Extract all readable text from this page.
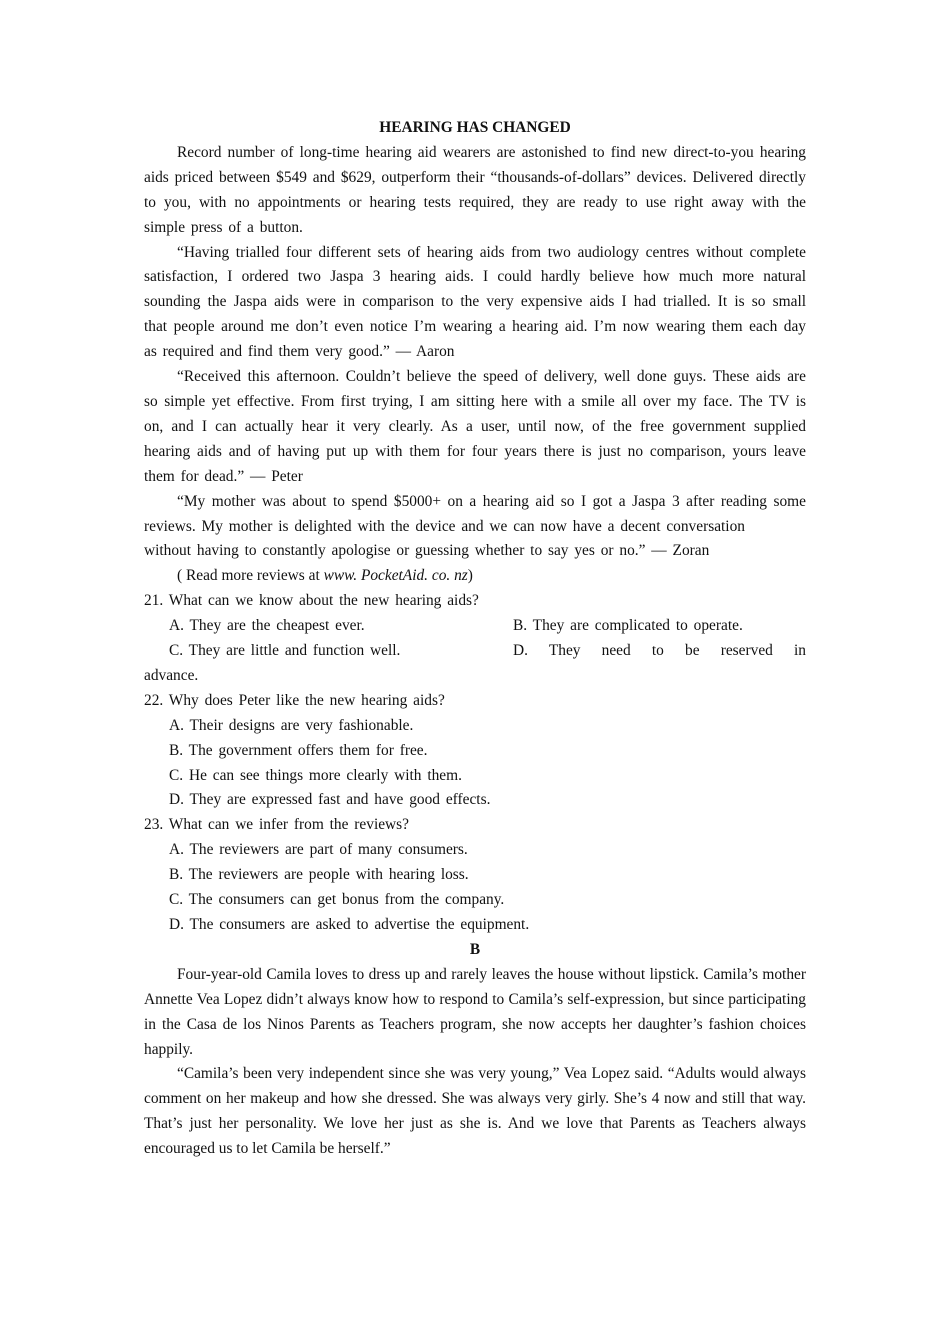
HEARING HAS CHANGED

Record number of long-time hearing aid wearers are astonished to find new direct-to-you hearing aids priced between $549 and $629, outperform their “thousands-of-dollars” devices. Delivered directly to you, with no appointments or hearing tests required, they are ready to use right away with the simple press of a button.

“Having trialled four different sets of hearing aids from two audiology centres without complete satisfaction, I ordered two Jaspa 3 hearing aids. I could hardly believe how much more natural sounding the Jaspa aids were in comparison to the very expensive aids I had trialled. It is so small that people around me don’t even notice I’m wearing a hearing aid. I’m now wearing them each day as required and find them very good.” — Aaron

“Received this afternoon. Couldn’t believe the speed of delivery, well done guys. These aids are so simple yet effective. From first trying, I am sitting here with a smile all over my face. The TV is on, and I can actually hear it very clearly. As a user, until now, of the free government supplied hearing aids and of having put up with them for four years there is just no comparison, yours leave them for dead.” — Peter

“My mother was about to spend $5000+ on a hearing aid so I got a Jaspa 3 after reading some reviews. My mother is delighted with the device and we can now have a decent conversation

without having to constantly apologise or guessing whether to say yes or no.” — Zoran

( Read more reviews at www. PocketAid. co. nz)

21. What can we know about the new hearing aids?

A. They are the cheapest ever.	B. They are complicated to operate.
C. They are little and function well.	D. They need to be reserved in

advance.

22. Why does Peter like the new hearing aids?

A. Their designs are very fashionable.

B. The government offers them for free.

C. He can see things more clearly with them.

D. They are expressed fast and have good effects.

23. What can we infer from the reviews?

A. The reviewers are part of many consumers.

B. The reviewers are people with hearing loss.

C. The consumers can get bonus from the company.

D. The consumers are asked to advertise the equipment.

B

Four-year-old Camila loves to dress up and rarely leaves the house without lipstick. Camila’s mother Annette Vea Lopez didn’t always know how to respond to Camila’s self-expression, but since participating in the Casa de los Ninos Parents as Teachers program, she now accepts her daughter’s fashion choices happily.

“Camila’s been very independent since she was very young,” Vea Lopez said. “Adults would always comment on her makeup and how she dressed. She was always very girly. She’s 4 now and still that way. That’s just her personality. We love her just as she is. And we love that Parents as Teachers always encouraged us to let Camila be herself.”
